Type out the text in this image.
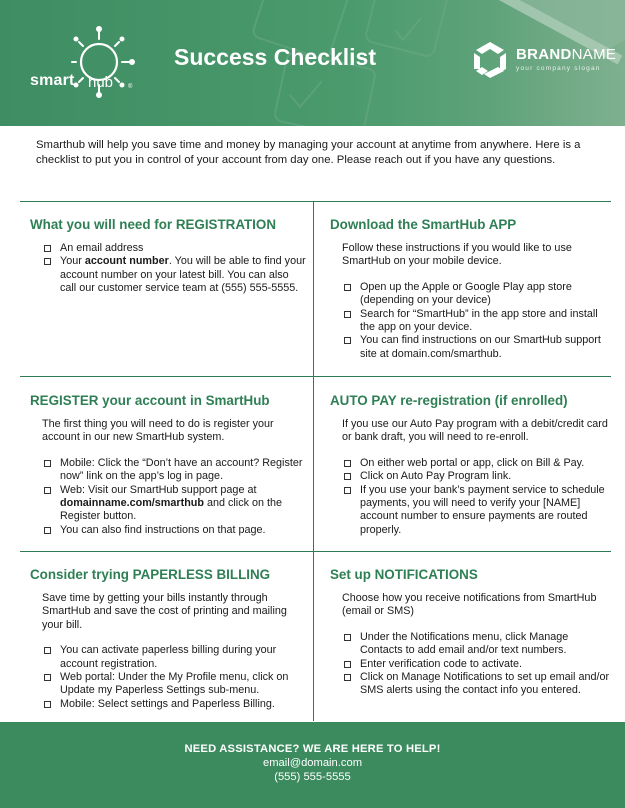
smart hub ®
Success Checklist	BRANDNAME
your company slogan
Smarthub will help you save time and money by managing your account at anytime from anywhere. Here is a checklist to put you in control of your account from day one. Please reach out if you have any questions.
What you will need for REGISTRATION
An email address
Your account number. You will be able to find your account number on your latest bill. You can also call our customer service team at (555) 555-5555.
Download the SmartHub APP
Follow these instructions if you would like to use SmartHub on your mobile device.
Open up the Apple or Google Play app store (depending on your device)
Search for “SmartHub” in the app store and install the app on your device.
You can find instructions on our SmartHub support site at domain.com/smarthub.
REGISTER your account in SmartHub
The first thing you will need to do is register your account in our new SmartHub system.
Mobile: Click the “Don’t have an account? Register now” link on the app’s log in page.
Web: Visit our SmartHub support page at domainname.com/smarthub and click on the Register button.
You can also find instructions on that page.
AUTO PAY re-registration (if enrolled)
If you use our Auto Pay program with a debit/credit card or bank draft, you will need to re-enroll.
On either web portal or app, click on Bill & Pay.
Click on Auto Pay Program link.
If you use your bank’s payment service to schedule payments, you will need to verify your [NAME] account number to ensure payments are routed properly.
Consider trying PAPERLESS BILLING
Save time by getting your bills instantly through SmartHub and save the cost of printing and mailing your bill.
You can activate paperless billing during your account registration.
Web portal: Under the My Profile menu, click on Update my Paperless Settings sub-menu.
Mobile: Select settings and Paperless Billing.
Set up NOTIFICATIONS
Choose how you receive notifications from SmartHub (email or SMS)
Under the Notifications menu, click Manage Contacts to add email and/or text numbers.
Enter verification code to activate.
Click on Manage Notifications to set up email and/or SMS alerts using the contact info you entered.
NEED ASSISTANCE? WE ARE HERE TO HELP!
email@domain.com
(555) 555-5555
